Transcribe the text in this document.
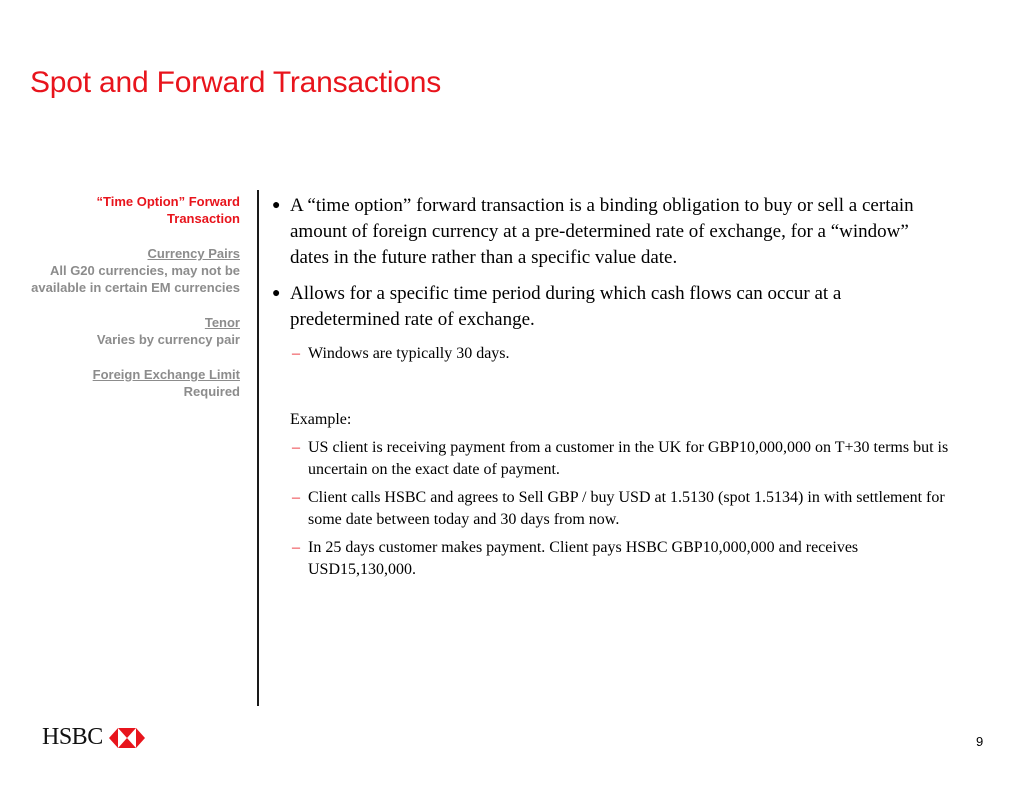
Spot and Forward Transactions
“Time Option” Forward Transaction
Currency Pairs
All G20 currencies, may not be available in certain EM currencies
Tenor
Varies by currency pair
Foreign Exchange Limit
Required
● A “time option” forward transaction is a binding obligation to buy or sell a certain amount of foreign currency at a pre-determined rate of exchange, for a “window” dates in the future rather than a specific value date.
● Allows for a specific time period during which cash flows can occur at a predetermined rate of exchange.
– Windows are typically 30 days.
Example:
– US client is receiving payment from a customer in the UK for GBP10,000,000 on T+30 terms but is uncertain on the exact date of payment.
– Client calls HSBC and agrees to Sell GBP / buy USD at 1.5130 (spot 1.5134) in with settlement for some date between today and 30 days from now.
– In 25 days customer makes payment. Client pays HSBC GBP10,000,000 and receives USD15,130,000.
HSBC	9
